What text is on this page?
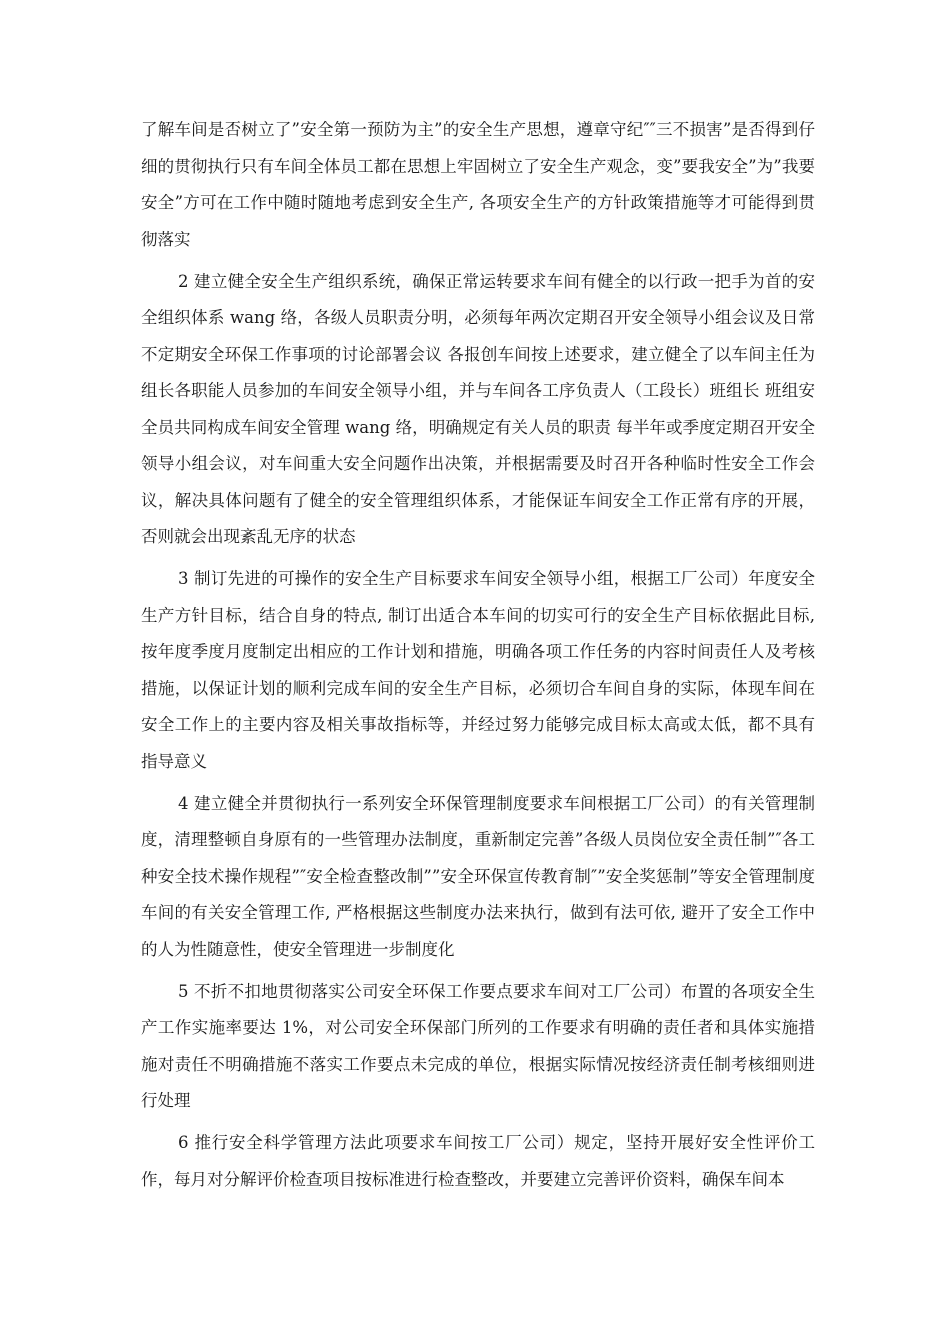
了解车间是否树立了”安全第一预防为主”的安全生产思想，遵章守纪″″三不损害”是否得到仔细的贯彻执行只有车间全体员工都在思想上牢固树立了安全生产观念，变”要我安全”为”我要安全”方可在工作中随时随地考虑到安全生产, 各项安全生产的方针政策措施等才可能得到贯彻落实

2 建立健全安全生产组织系统，确保正常运转要求车间有健全的以行政一把手为首的安全组织体系 wang 络，各级人员职责分明，必须每年两次定期召开安全领导小组会议及日常不定期安全环保工作事项的讨论部署会议 各报创车间按上述要求，建立健全了以车间主任为组长各职能人员参加的车间安全领导小组，并与车间各工序负责人（工段长）班组长 班组安全员共同构成车间安全管理 wang 络，明确规定有关人员的职责 每半年或季度定期召开安全领导小组会议，对车间重大安全问题作出决策，并根据需要及时召开各种临时性安全工作会议，解决具体问题有了健全的安全管理组织体系，才能保证车间安全工作正常有序的开展，否则就会出现紊乱无序的状态

3 制订先进的可操作的安全生产目标要求车间安全领导小组，根据工厂公司）年度安全生产方针目标，结合自身的特点, 制订出适合本车间的切实可行的安全生产目标依据此目标, 按年度季度月度制定出相应的工作计划和措施，明确各项工作任务的内容时间责任人及考核措施，以保证计划的顺利完成车间的安全生产目标，必须切合车间自身的实际，体现车间在安全工作上的主要内容及相关事故指标等，并经过努力能够完成目标太高或太低，都不具有指导意义

4 建立健全并贯彻执行一系列安全环保管理制度要求车间根据工厂公司）的有关管理制度，清理整顿自身原有的一些管理办法制度，重新制定完善”各级人员岗位安全责任制”″各工种安全技术操作规程”″安全检查整改制””安全环保宣传教育制″”安全奖惩制”等安全管理制度车间的有关安全管理工作, 严格根据这些制度办法来执行，做到有法可依, 避开了安全工作中的人为性随意性，使安全管理进一步制度化

5 不折不扣地贯彻落实公司安全环保工作要点要求车间对工厂公司）布置的各项安全生产工作实施率要达 1%，对公司安全环保部门所列的工作要求有明确的责任者和具体实施措施对责任不明确措施不落实工作要点未完成的单位，根据实际情况按经济责任制考核细则进行处理

6 推行安全科学管理方法此项要求车间按工厂公司）规定，坚持开展好安全性评价工作，每月对分解评价检查项目按标准进行检查整改，并要建立完善评价资料，确保车间本
